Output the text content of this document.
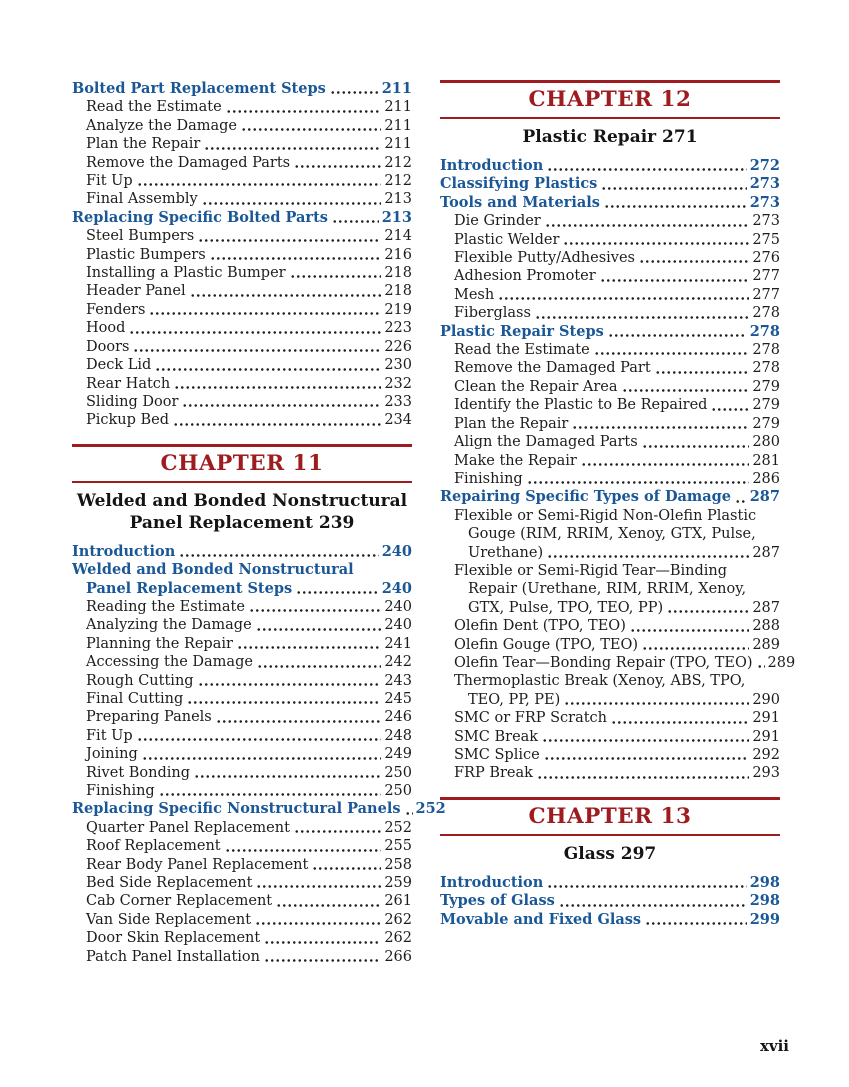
Bolted Part Replacement Steps	211
Read the Estimate	211
Analyze the Damage	211
Plan the Repair	211
Remove the Damaged Parts	212
Fit Up	212
Final Assembly	213
Replacing Specific Bolted Parts	213
Steel Bumpers	214
Plastic Bumpers	216
Installing a Plastic Bumper	218
Header Panel	218
Fenders	219
Hood	223
Doors	226
Deck Lid	230
Rear Hatch	232
Sliding Door	233
Pickup Bed	234
CHAPTER 11
Welded and Bonded Nonstructural
Panel Replacement 239
Introduction	240
Welded and Bonded Nonstructural
Panel Replacement Steps	240
Reading the Estimate	240
Analyzing the Damage	240
Planning the Repair	241
Accessing the Damage	242
Rough Cutting	243
Final Cutting	245
Preparing Panels	246
Fit Up	248
Joining	249
Rivet Bonding	250
Finishing	250
Replacing Specific Nonstructural Panels 252
Quarter Panel Replacement	252
Roof Replacement	255
Rear Body Panel Replacement	258
Bed Side Replacement	259
Cab Corner Replacement	261
Van Side Replacement	262
Door Skin Replacement	262
Patch Panel Installation	266
CHAPTER 12
Plastic Repair 271
Introduction	272
Classifying Plastics	273
Tools and Materials	273
Die Grinder	273
Plastic Welder	275
Flexible Putty/Adhesives	276
Adhesion Promoter	277
Mesh	277
Fiberglass	278
Plastic Repair Steps	278
Read the Estimate	278
Remove the Damaged Part	278
Clean the Repair Area	279
Identify the Plastic to Be Repaired	279
Plan the Repair	279
Align the Damaged Parts	280
Make the Repair	281
Finishing	286
Repairing Specific Types of Damage 287
Flexible or Semi-Rigid Non-Olefin Plastic
Gouge (RIM, RRIM, Xenoy, GTX, Pulse,
Urethane)	287
Flexible or Semi-Rigid Tear—Binding
Repair (Urethane, RIM, RRIM, Xenoy,
GTX, Pulse, TPO, TEO, PP)	287
Olefin Dent (TPO, TEO)	288
Olefin Gouge (TPO, TEO)	289
Olefin Tear—Bonding Repair (TPO, TEO) 289
Thermoplastic Break (Xenoy, ABS, TPO,
TEO, PP, PE)	290
SMC or FRP Scratch	291
SMC Break	291
SMC Splice	292
FRP Break	293
CHAPTER 13
Glass 297
Introduction	298
Types of Glass	298
Movable and Fixed Glass	299
xvii
